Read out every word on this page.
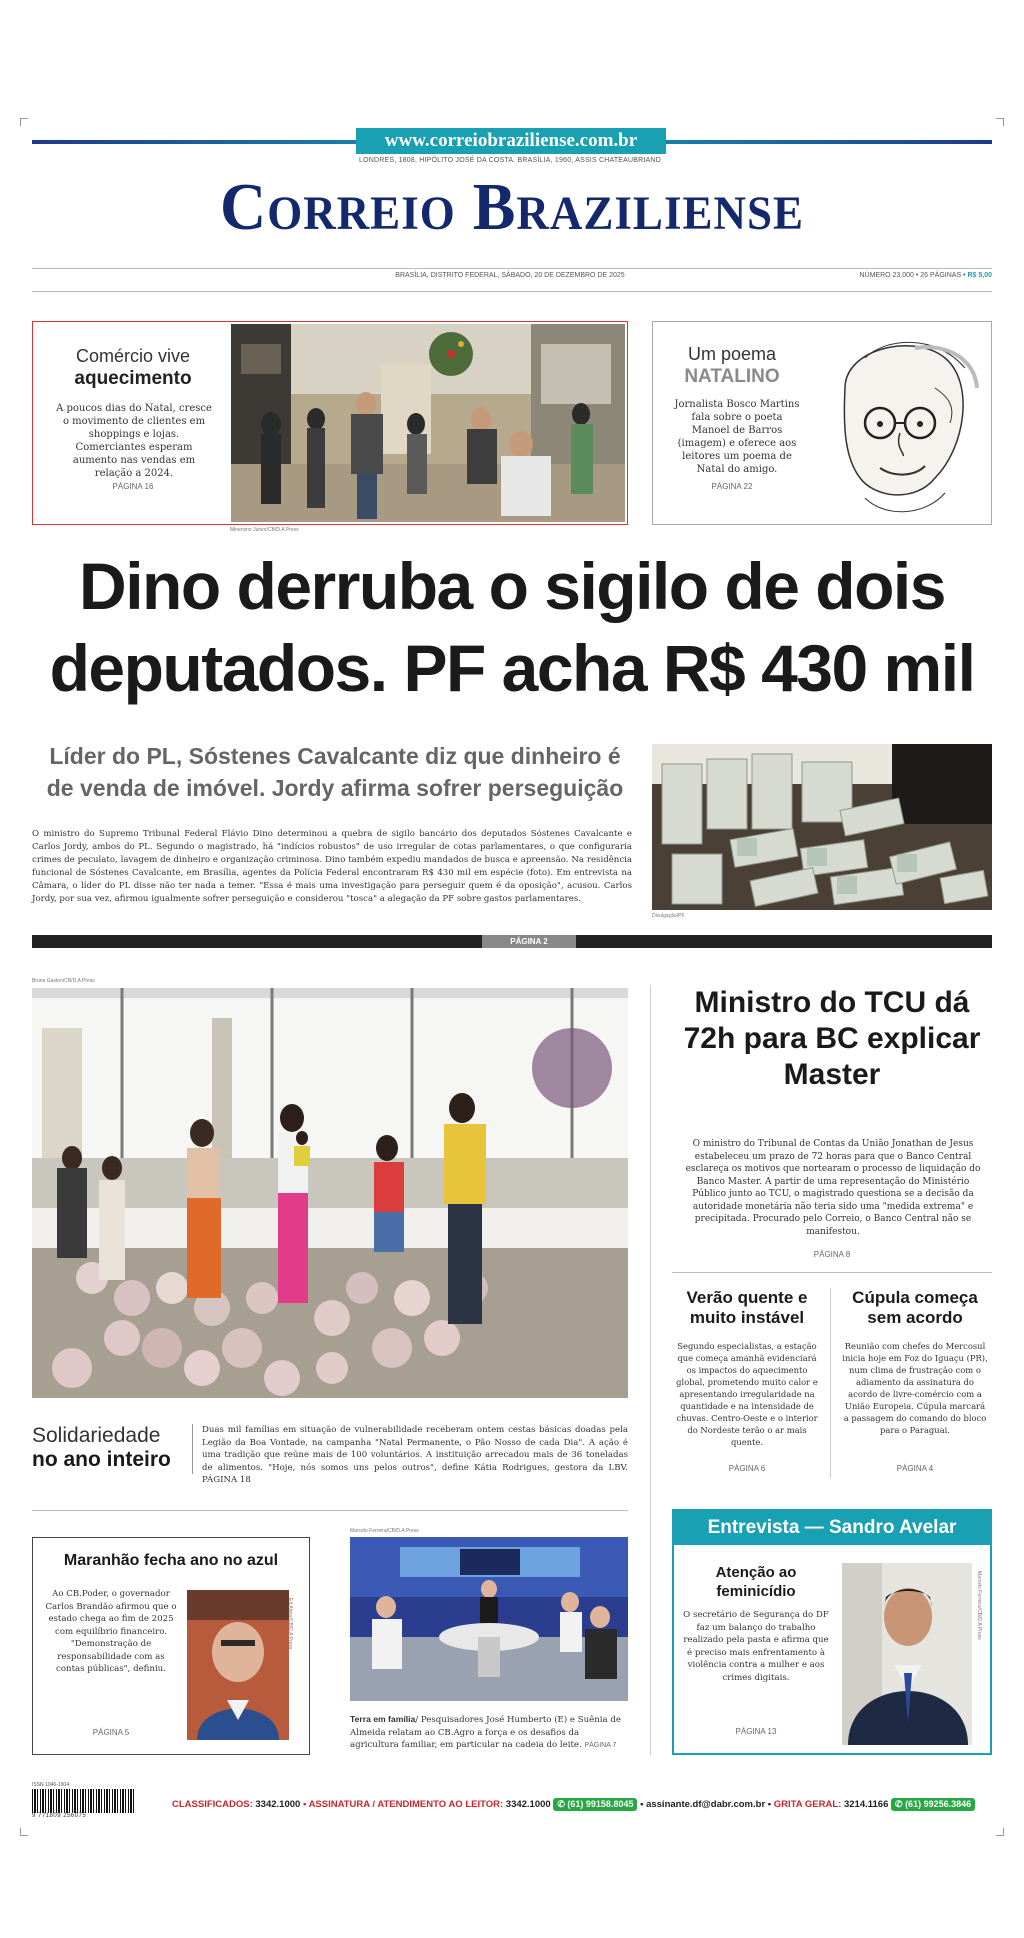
www.correiobraziliense.com.br
LONDRES, 1808, HIPÓLITO JOSÉ DA COSTA. BRASÍLIA, 1960, ASSIS CHATEAUBRIAND
Correio Braziliense
BRASÍLIA, DISTRITO FEDERAL, SÁBADO, 20 DE DEZEMBRO DE 2025	NÚMERO 23.000 • 26 PÁGINAS • R$ 5,00
Comércio vive
aquecimento
A poucos dias do Natal, cresce o movimento de clientes em shoppings e lojas. Comerciantes esperam aumento nas vendas em relação a 2024.
PÁGINA 16
Minervino Júnior/CB/D.A Press
Um poema
NATALINO
Jornalista Bosco Martins fala sobre o poeta Manoel de Barros (imagem) e oferece aos leitores um poema de Natal do amigo.
PÁGINA 22
Dino derruba o sigilo de dois deputados. PF acha R$ 430 mil
Líder do PL, Sóstenes Cavalcante diz que dinheiro é de venda de imóvel. Jordy afirma sofrer perseguição
O ministro do Supremo Tribunal Federal Flávio Dino determinou a quebra de sigilo bancário dos deputados Sóstenes Cavalcante e Carlos Jordy, ambos do PL. Segundo o magistrado, há "indícios robustos" de uso irregular de cotas parlamentares, o que configuraria crimes de peculato, lavagem de dinheiro e organização criminosa. Dino também expediu mandados de busca e apreensão. Na residência funcional de Sóstenes Cavalcante, em Brasília, agentes da Polícia Federal encontraram R$ 430 mil em espécie (foto). Em entrevista na Câmara, o líder do PL disse não ter nada a temer. "Essa é mais uma investigação para perseguir quem é da oposição", acusou. Carlos Jordy, por sua vez, afirmou igualmente sofrer perseguição e considerou "tosca" a alegação da PF sobre gastos parlamentares.
Divulgação/PF
PÁGINA 2
Bruna Gaston/CB/D.A Press
Solidariedade
no ano inteiro
Duas mil famílias em situação de vulnerabilidade receberam ontem cestas básicas doadas pela Legião da Boa Vontade, na campanha "Natal Permanente, o Pão Nosso de cada Dia". A ação é uma tradição que reúne mais de 100 voluntários. A instituição arrecadou mais de 36 toneladas de alimentos. "Hoje, nós somos uns pelos outros", define Kátia Rodrigues, gestora da LBV. PÁGINA 18
Ministro do TCU dá 72h para BC explicar Master
O ministro do Tribunal de Contas da União Jonathan de Jesus estabeleceu um prazo de 72 horas para que o Banco Central esclareça os motivos que nortearam o processo de liquidação do Banco Master. A partir de uma representação do Ministério Público junto ao TCU, o magistrado questiona se a decisão da autoridade monetária não teria sido uma "medida extrema" e precipitada. Procurado pelo Correio, o Banco Central não se manifestou.
PÁGINA 8
Verão quente e muito instável
Segundo especialistas, a estação que começa amanhã evidenciará os impactos do aquecimento global, prometendo muito calor e apresentando irregularidade na quantidade e na intensidade de chuvas. Centro-Oeste e o interior do Nordeste terão o ar mais quente.
PÁGINA 6
Cúpula começa sem acordo
Reunião com chefes do Mercosul inicia hoje em Foz do Iguaçu (PR), num clima de frustração com o adiamento da assinatura do acordo de livre-comércio com a União Europeia. Cúpula marcará a passagem do comando do bloco para o Paraguai.
PÁGINA 4
Maranhão fecha ano no azul
Ao CB.Poder, o governador Carlos Brandão afirmou que o estado chega ao fim de 2025 com equilíbrio financeiro. "Demonstração de responsabilidade com as contas públicas", definiu.
PÁGINA 5
Ed Alves/CB/D.A Press
Marcelo Ferreira/CB/D.A Press
Terra em família/ Pesquisadores José Humberto (E) e Suênia de Almeida relatam ao CB.Agro a força e os desafios da agricultura familiar, em particular na cadeia do leite. PÁGINA 7
Entrevista — Sandro Avelar
Atenção ao feminicídio
O secretário de Segurança do DF faz um balanço do trabalho realizado pela pasta e afirma que é preciso mais enfrentamento à violência contra a mulher e aos crimes digitais.
PÁGINA 13
Marcelo Ferreira/CB/D.A Press
ISSN 1046-1904
9 771809 256075
CLASSIFICADOS: 3342.1000 • ASSINATURA / ATENDIMENTO AO LEITOR: 3342.1000 ✆ (61) 99158.8045 • assinante.df@dabr.com.br • GRITA GERAL: 3214.1166 ✆ (61) 99256.3846
